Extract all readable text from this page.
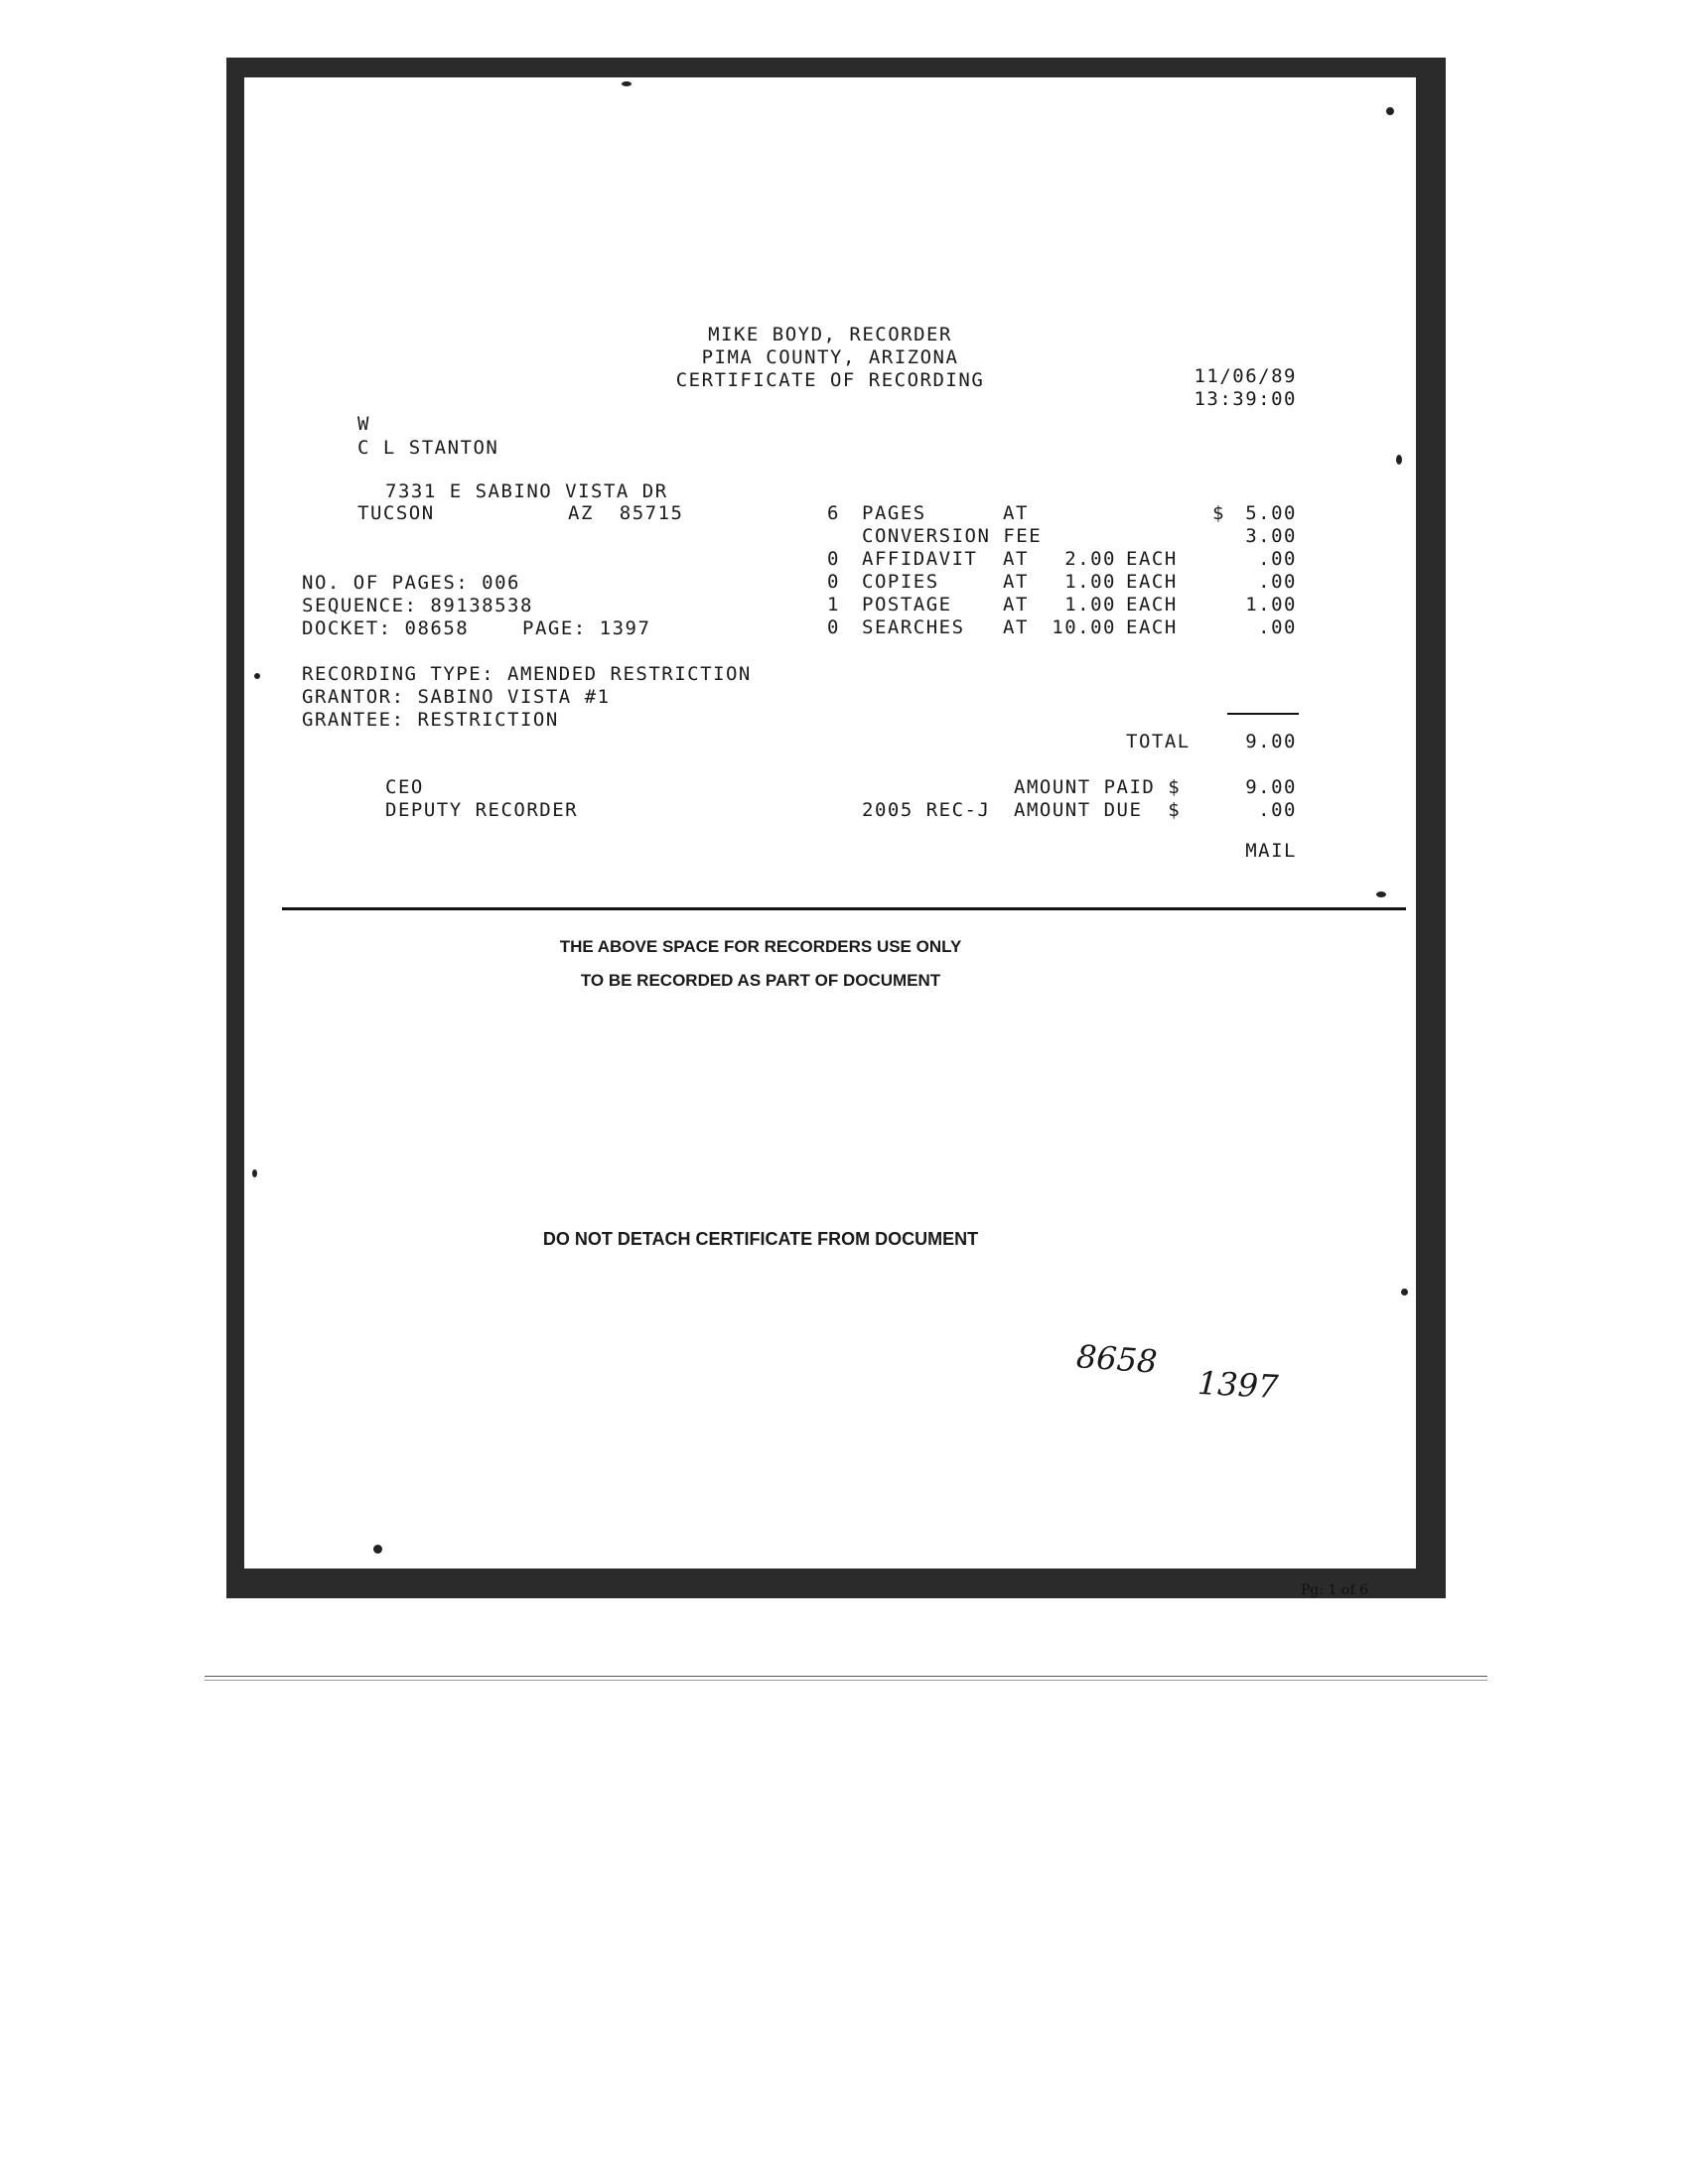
MIKE BOYD, RECORDER
PIMA COUNTY, ARIZONA
CERTIFICATE OF RECORDING	11/06/89
13:39:00
W
C L STANTON
7331 E SABINO VISTA DR
TUCSON	AZ  85715
NO. OF PAGES: 006
SEQUENCE: 89138538
DOCKET: 08658	PAGE: 1397
RECORDING TYPE: AMENDED RESTRICTION
GRANTOR: SABINO VISTA #1
GRANTEE: RESTRICTION
6 PAGES	AT	$	5.00
CONVERSION FEE	3.00
0 AFFIDAVIT AT	2.00 EACH	.00
0 COPIES	AT	1.00 EACH	.00
1 POSTAGE	AT	1.00 EACH	1.00
0 SEARCHES AT	10.00 EACH	.00
TOTAL	9.00
CEO
DEPUTY RECORDER	2005 REC-J
AMOUNT PAID $	9.00
AMOUNT DUE  $	.00
MAIL
THE ABOVE SPACE FOR RECORDERS USE ONLY
TO BE RECORDED AS PART OF DOCUMENT
DO NOT DETACH CERTIFICATE FROM DOCUMENT
8658
1397
Pg: 1 of 6
